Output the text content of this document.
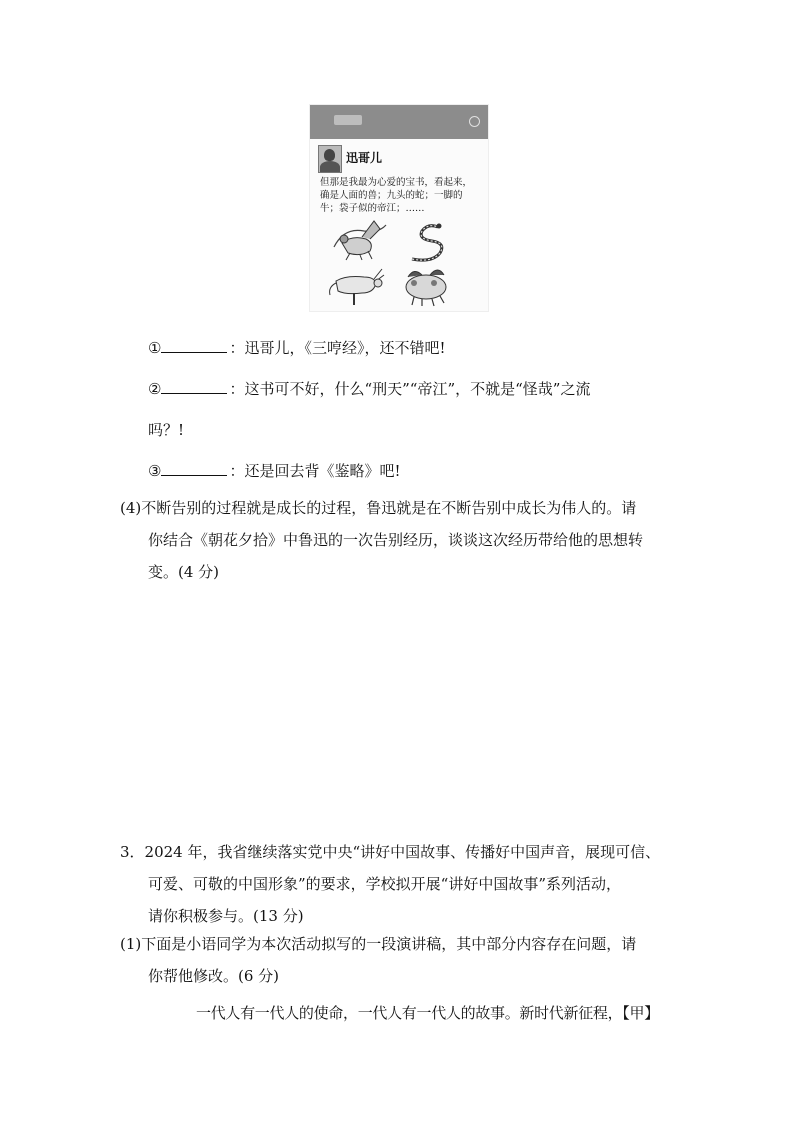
迅哥儿
但那是我最为心爱的宝书，看起来，
确是人面的兽；九头的蛇；一脚的
牛；袋子似的帝江；……
①	：迅哥儿，《三哼经》，还不错吧!
②	：这书可不好，什么“刑天”“帝江”，不就是“怪哉”之流
吗？!
③	：还是回去背《鉴略》吧!
(4)不断告别的过程就是成长的过程，鲁迅就是在不断告别中成长为伟人的。请
你结合《朝花夕拾》中鲁迅的一次告别经历，谈谈这次经历带给他的思想转
变。(4 分)
3．2024 年，我省继续落实党中央“讲好中国故事、传播好中国声音，展现可信、
可爱、可敬的中国形象”的要求，学校拟开展“讲好中国故事”系列活动，
请你积极参与。(13 分)
(1)下面是小语同学为本次活动拟写的一段演讲稿，其中部分内容存在问题，请
你帮他修改。(6 分)
一代人有一代人的使命，一代人有一代人的故事。新时代新征程，【甲】
